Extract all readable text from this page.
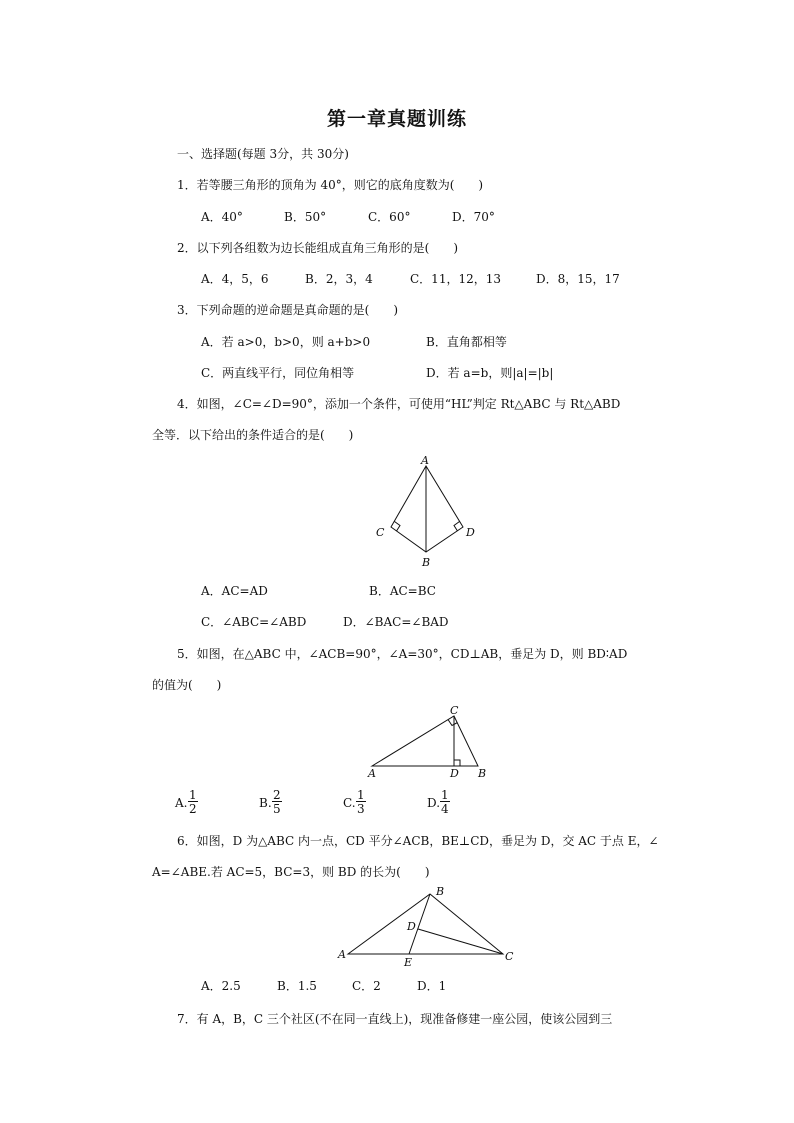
第一章真题训练
一、选择题(每题 3分，共 30分)
1．若等腰三角形的顶角为 40°，则它的底角度数为(　　)
A．40°	B．50°	C．60°	D．70°
2．以下列各组数为边长能组成直角三角形的是(　　)
A．4，5，6	B．2，3，4	C．11，12，13	D．8，15，17
3．下列命题的逆命题是真命题的是(　　)
A．若 a>0，b>0，则 a+b>0	B．直角都相等
C．两直线平行，同位角相等	D．若 a=b，则|a|=|b|
4．如图，∠C=∠D=90°，添加一个条件，可使用“HL”判定 Rt△ABC 与 Rt△ABD
全等．以下给出的条件适合的是(　　)
A
B
C	D
A．AC=AD	B．AC=BC
C．∠ABC=∠ABD	D．∠BAC=∠BAD
5．如图，在△ABC 中，∠ACB=90°，∠A=30°，CD⊥AB，垂足为 D，则 BD∶AD
的值为(　　)
C
A	D B
A. $\frac{1}{2}$	B. $\frac{2}{5}$	C. $\frac{1}{3}$	D. $\frac{1}{4}$
6．如图，D 为△ABC 内一点，CD 平分∠ACB，BE⊥CD，垂足为 D，交 AC 于点 E，∠
A=∠ABE.若 AC=5，BC=3，则 BD 的长为(　　)
B
D
A
E	C
A．2.5	B．1.5	C．2	D．1
7．有 A，B，C 三个社区(不在同一直线上)，现准备修建一座公园，使该公园到三
